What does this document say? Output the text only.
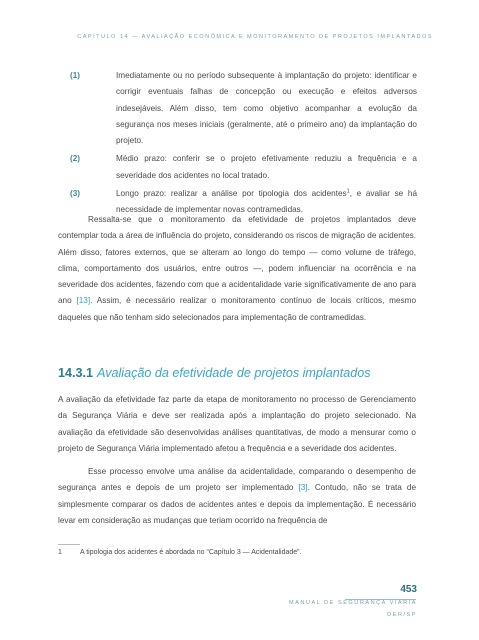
CAPÍTULO 14 — AVALIAÇÃO ECONÔMICA E MONITORAMENTO DE PROJETOS IMPLANTADOS
(1)	Imediatamente ou no período subsequente à implantação do projeto: identificar e corrigir eventuais falhas de concepção ou execução e efeitos adversos indesejáveis. Além disso, tem como objetivo acompanhar a evolução da segurança nos meses iniciais (geralmente, até o primeiro ano) da implantação do projeto.
(2)	Médio prazo: conferir se o projeto efetivamente reduziu a frequência e a severidade dos acidentes no local tratado.
(3)	Longo prazo: realizar a análise por tipologia dos acidentes$^1$, e avaliar se há necessidade de implementar novas contramedidas.

Ressalta-se que o monitoramento da efetividade de projetos implantados deve contemplar toda a área de influência do projeto, considerando os riscos de migração de acidentes. Além disso, fatores externos, que se alteram ao longo do tempo — como volume de tráfego, clima, comportamento dos usuários, entre outros —, podem influenciar na ocorrência e na severidade dos acidentes, fazendo com que a acidentalidade varie significativamente de ano para ano [13]. Assim, é necessário realizar o monitoramento contínuo de locais críticos, mesmo daqueles que não tenham sido selecionados para implementação de contramedidas.

14.3.1 Avaliação da efetividade de projetos implantados

A avaliação da efetividade faz parte da etapa de monitoramento no processo de Gerenciamento da Segurança Viária e deve ser realizada após a implantação do projeto selecionado. Na avaliação da efetividade são desenvolvidas análises quantitativas, de modo a mensurar como o projeto de Segurança Viária implementado afetou a frequência e a severidade dos acidentes.

Esse processo envolve uma análise da acidentalidade, comparando o desempenho de segurança antes e depois de um projeto ser implementado [3]. Contudo, não se trata de simplesmente comparar os dados de acidentes antes e depois da implementação. É necessário levar em consideração as mudanças que teriam ocorrido na frequência de

1	A tipologia dos acidentes é abordada no “Capítulo 3 — Acidentalidade”.
453
MANUAL DE SEGURANÇA VIÁRIA
DER/SP
